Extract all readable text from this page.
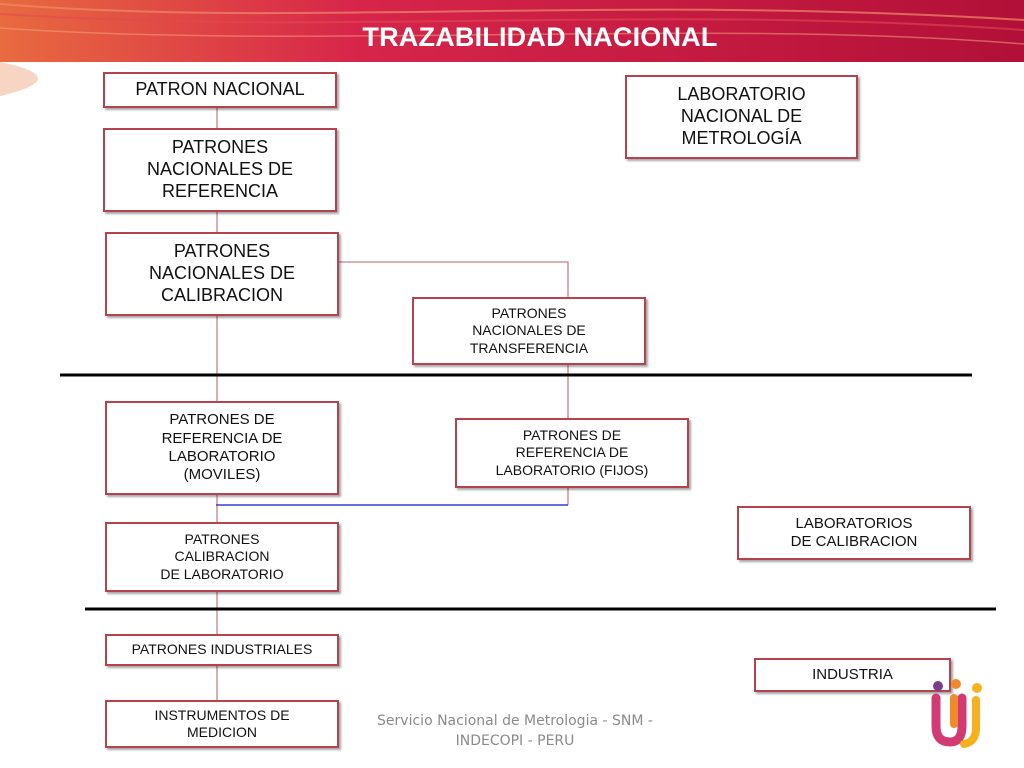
TRAZABILIDAD NACIONAL
PATRON NACIONAL	LABORATORIO
NACIONAL DE
METROLOGÍA
PATRONES
NACIONALES DE
REFERENCIA
PATRONES
NACIONALES DE
CALIBRACION
PATRONES
NACIONALES DE
TRANSFERENCIA
PATRONES DE
REFERENCIA DE
LABORATORIO
(MOVILES)
PATRONES DE
REFERENCIA DE
LABORATORIO (FIJOS)
LABORATORIOS
DE CALIBRACION
PATRONES
CALIBRACION
DE LABORATORIO
PATRONES INDUSTRIALES
INDUSTRIA
INSTRUMENTOS DE
MEDICION
Servicio Nacional de Metrologia - SNM -
INDECOPI - PERU
